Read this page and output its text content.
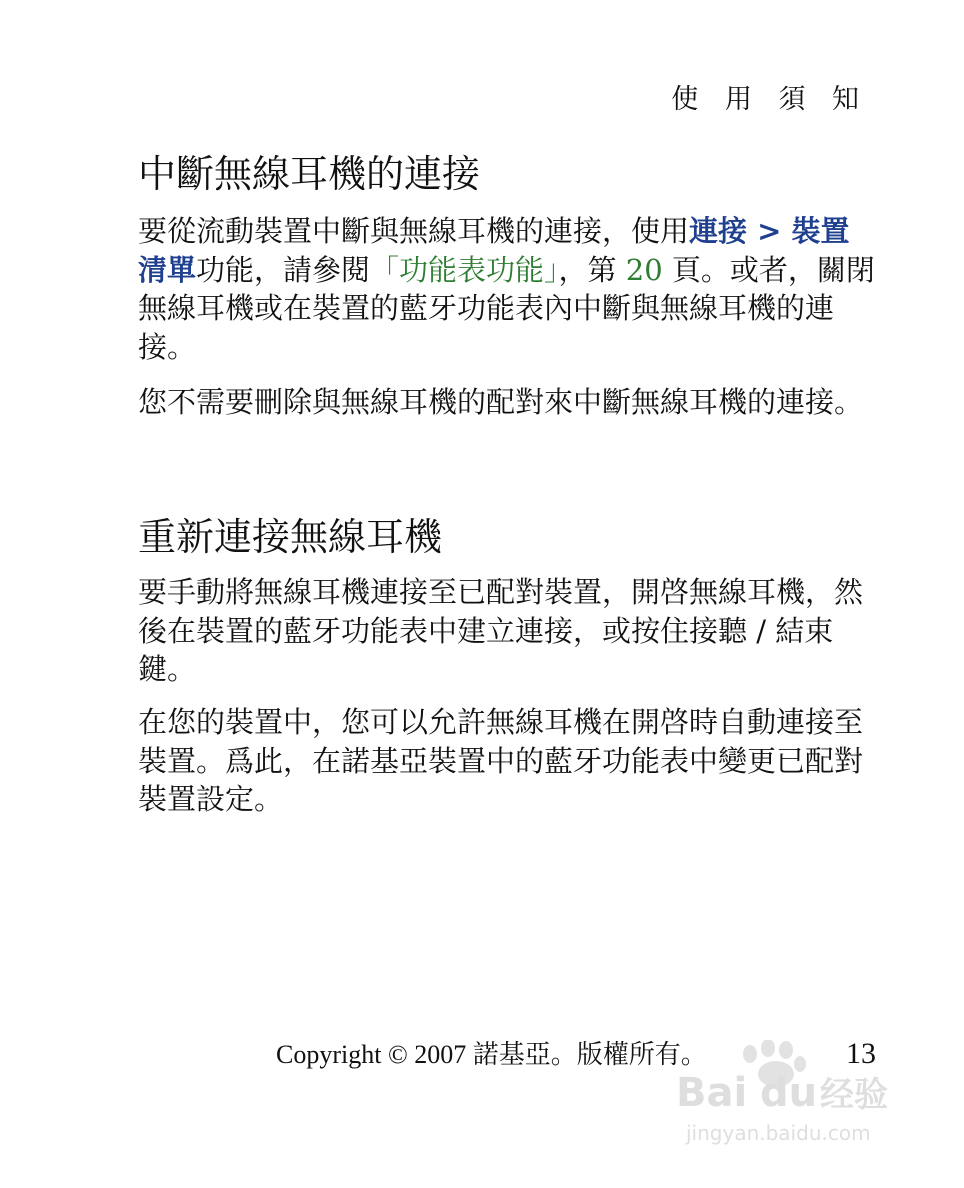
使 用 須 知
中斷無線耳機的連接

要從流動裝置中斷與無線耳機的連接，使用連接 > 裝置清單功能，請參閱「功能表功能」，第 20 頁。或者，關閉無線耳機或在裝置的藍牙功能表內中斷與無線耳機的連接。

您不需要刪除與無線耳機的配對來中斷無線耳機的連接。

重新連接無線耳機

要手動將無線耳機連接至已配對裝置，開啓無線耳機，然後在裝置的藍牙功能表中建立連接，或按住接聽 / 結束鍵。

在您的裝置中，您可以允許無線耳機在開啓時自動連接至裝置。爲此，在諾基亞裝置中的藍牙功能表中變更已配對裝置設定。

Copyright © 2007 諾基亞。版權所有。	13
Bai du 经验
jingyan.baidu.com
